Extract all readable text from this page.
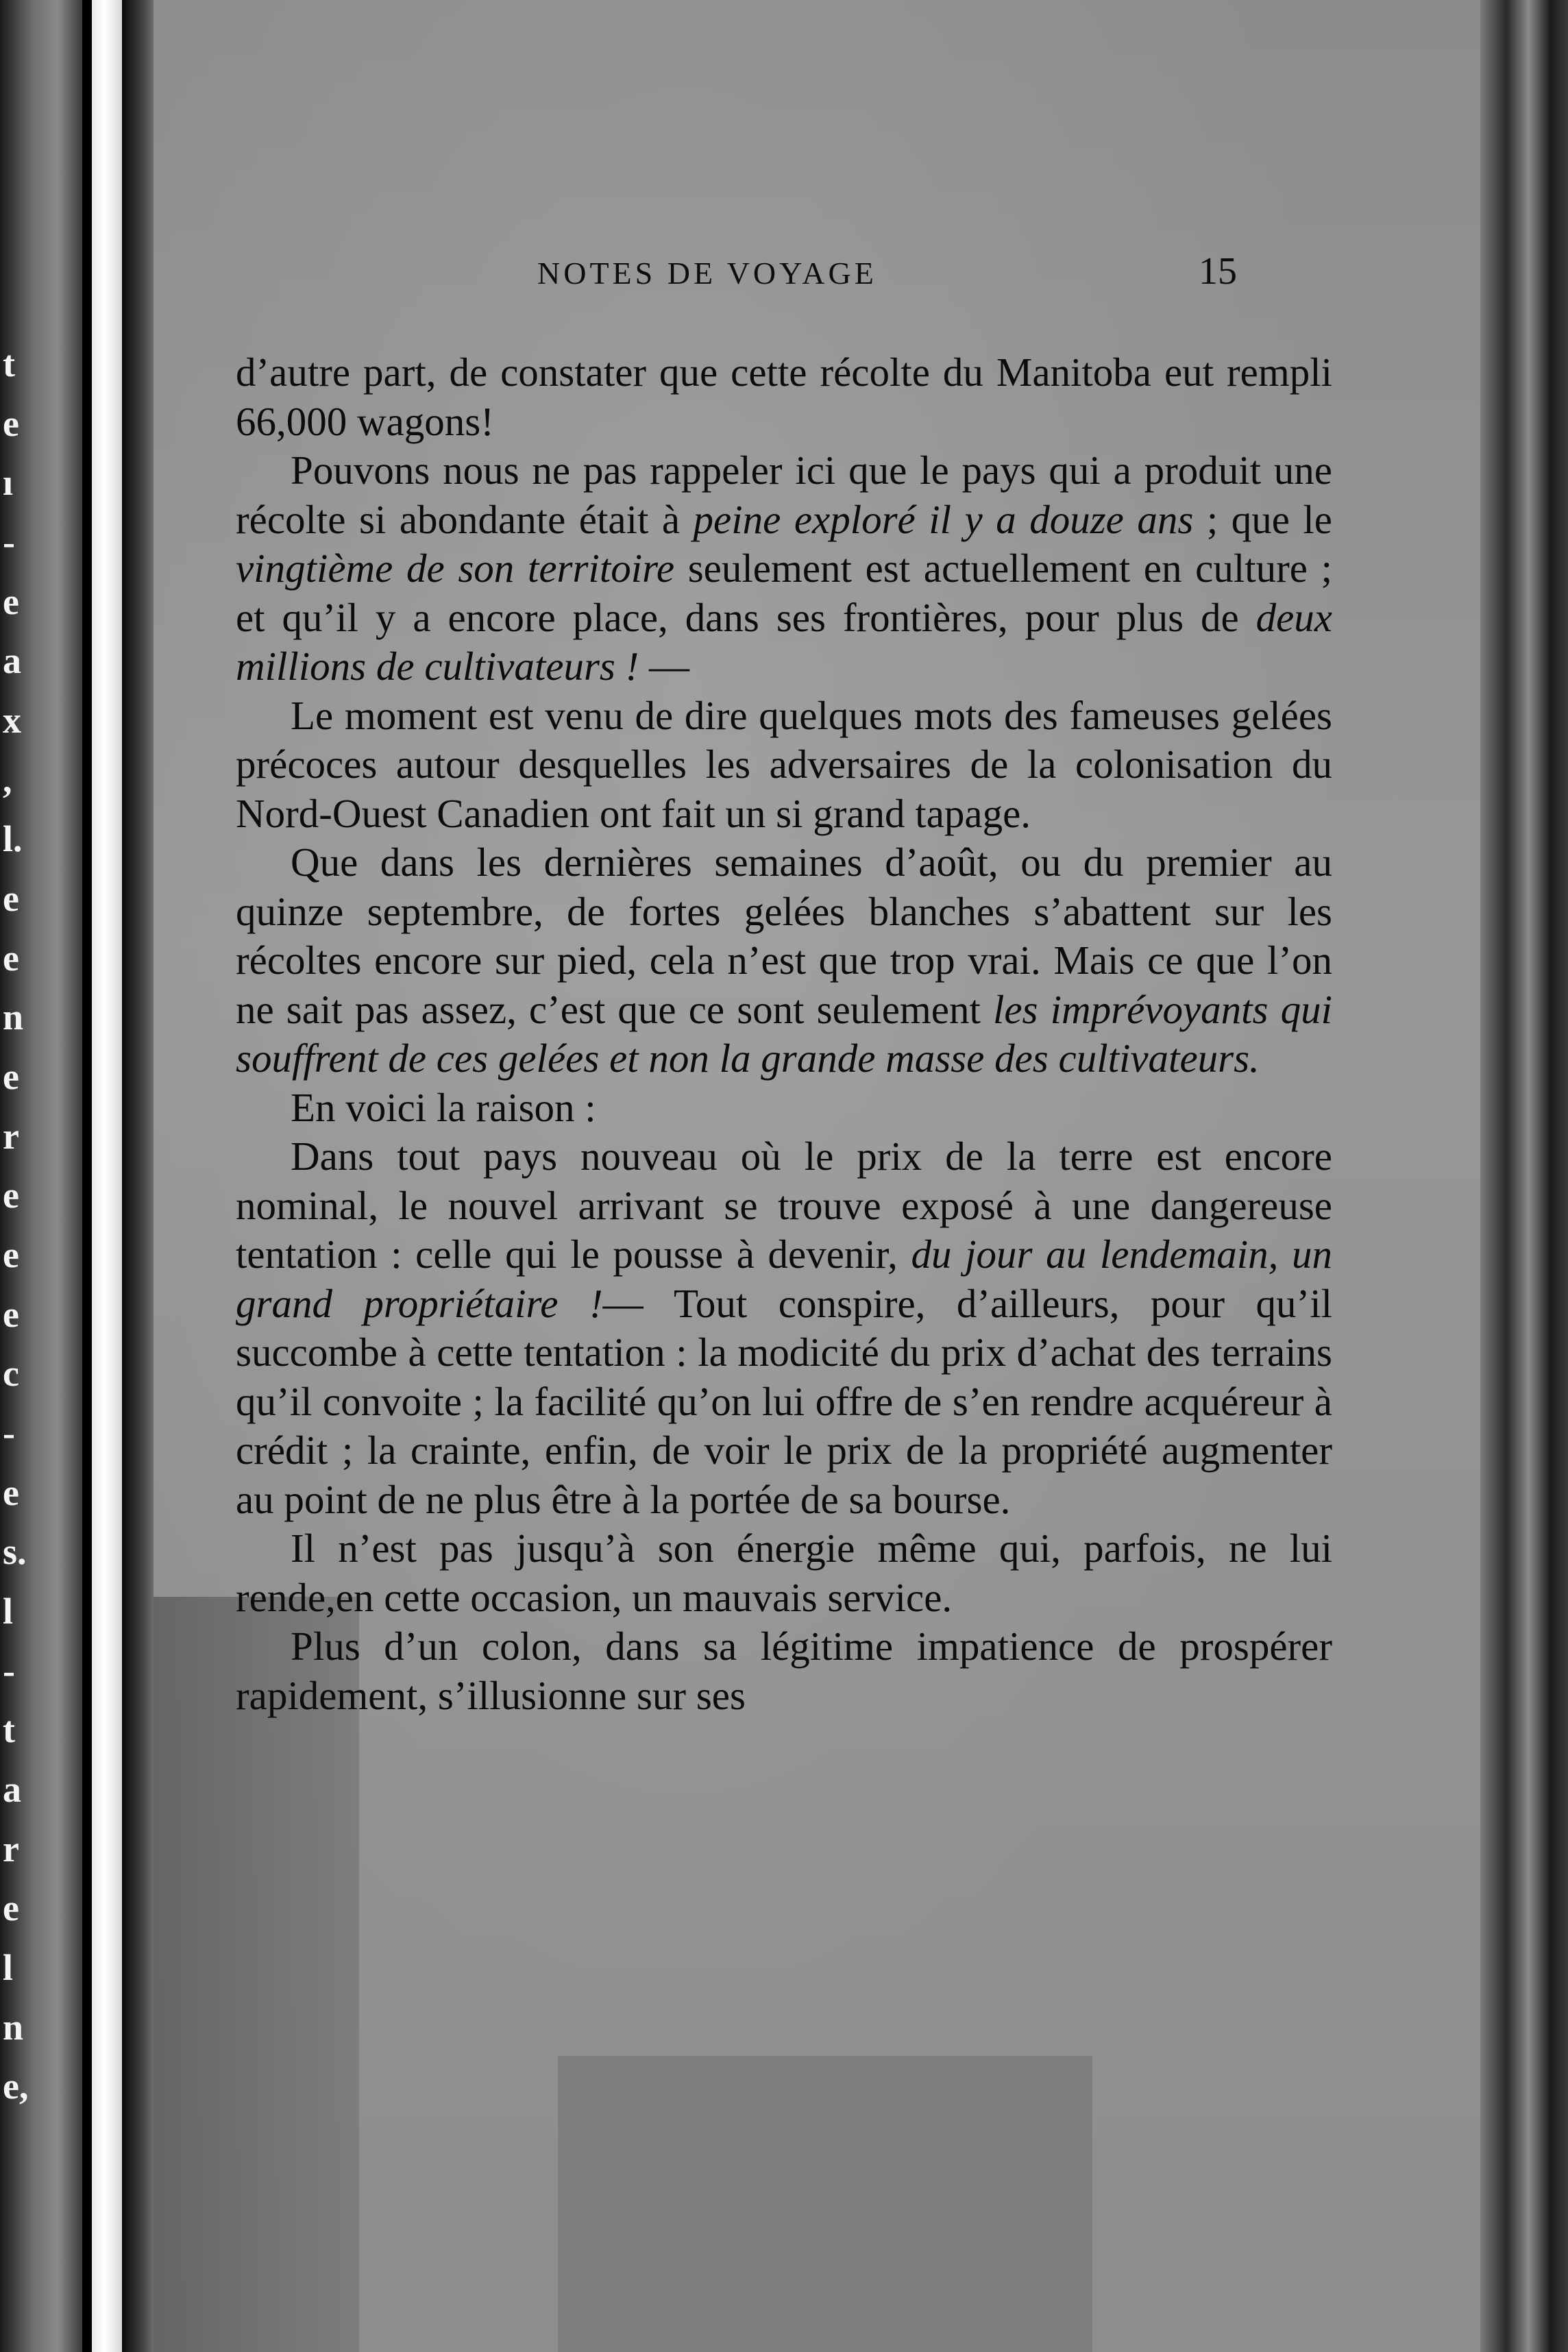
t
e
ı
-
e
a
x
,
l.
e
e
n
e
r
e
e
e
c
-
e
s.
l
-
t
a
r
e
l
n
e,
NOTES DE VOYAGE	15

d’autre part, de constater que cette récolte du Manitoba eut rempli 66,000 wagons!

Pouvons nous ne pas rappeler ici que le pays qui a produit une récolte si abondante était à peine exploré il y a douze ans ; que le vingtième de son territoire seulement est actuellement en culture ; et qu’il y a encore place, dans ses frontières, pour plus de deux millions de cultivateurs ! —

Le moment est venu de dire quelques mots des fameuses gelées précoces autour desquelles les adversaires de la colonisation du Nord-Ouest Canadien ont fait un si grand tapage.

Que dans les dernières semaines d’août, ou du premier au quinze septembre, de fortes gelées blanches s’abattent sur les récoltes encore sur pied, cela n’est que trop vrai. Mais ce que l’on ne sait pas assez, c’est que ce sont seulement les imprévoyants qui souffrent de ces gelées et non la grande masse des cultivateurs.

En voici la raison :

Dans tout pays nouveau où le prix de la terre est encore nominal, le nouvel arrivant se trouve exposé à une dangereuse tentation : celle qui le pousse à devenir, du jour au lendemain, un grand propriétaire !— Tout conspire, d’ailleurs, pour qu’il succombe à cette tentation : la modicité du prix d’achat des terrains qu’il convoite ; la facilité qu’on lui offre de s’en rendre acquéreur à crédit ; la crainte, enfin, de voir le prix de la propriété augmenter au point de ne plus être à la portée de sa bourse.

Il n’est pas jusqu’à son énergie même qui, parfois, ne lui rende,en cette occasion, un mauvais service.

Plus d’un colon, dans sa légitime impatience de prospérer rapidement, s’illusionne sur ses
